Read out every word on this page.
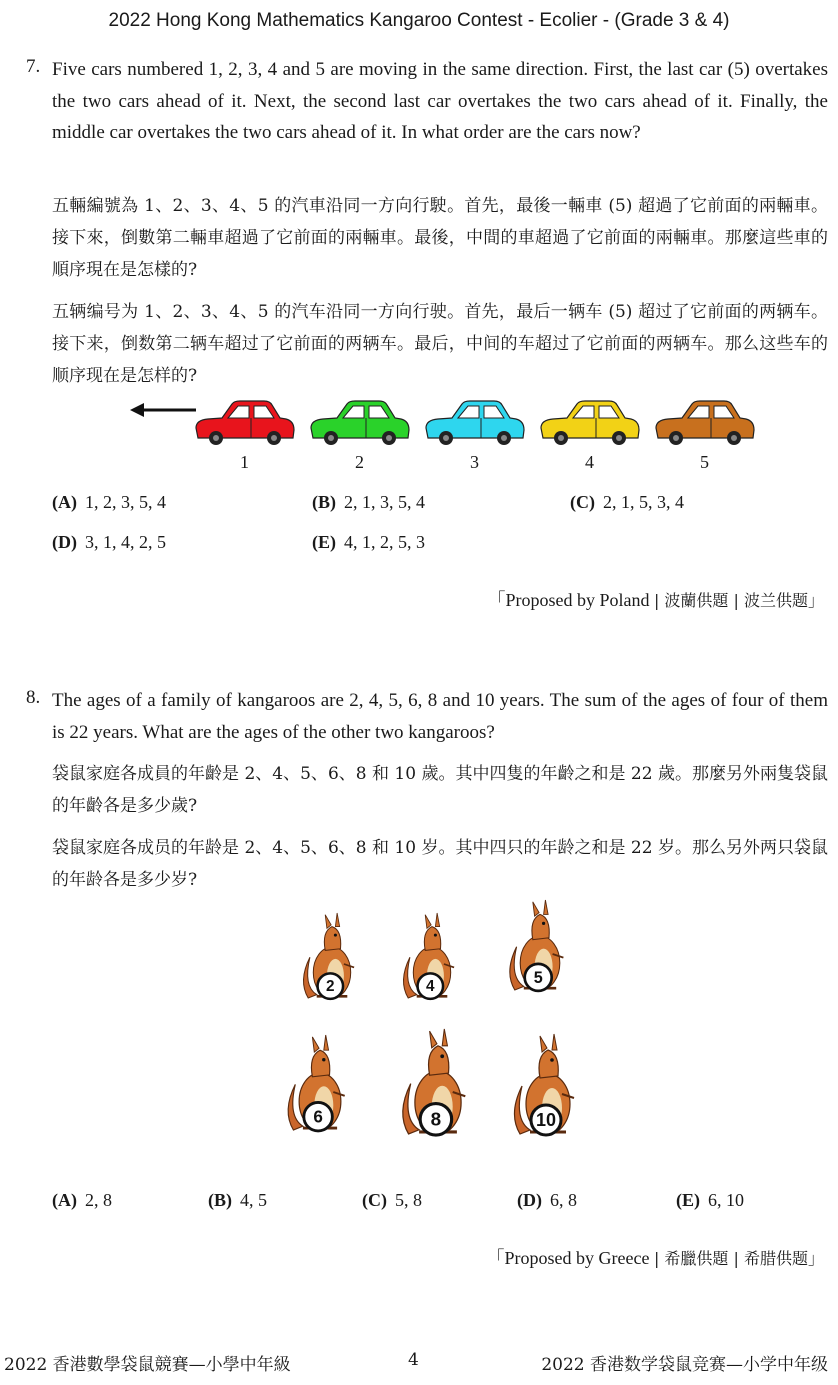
2022 Hong Kong Mathematics Kangaroo Contest - Ecolier - (Grade 3 & 4)
7. Five cars numbered 1, 2, 3, 4 and 5 are moving in the same direction. First, the last car (5) overtakes the two cars ahead of it. Next, the second last car overtakes the two cars ahead of it. Finally, the middle car overtakes the two cars ahead of it. In what order are the cars now?
五輛編號為 1、2、3、4、5 的汽車沿同一方向行駛。首先，最後一輛車 (5) 超過了它前面的兩輛車。接下來，倒數第二輛車超過了它前面的兩輛車。最後，中間的車超過了它前面的兩輛車。那麼這些車的順序現在是怎樣的?
五辆编号为 1、2、3、4、5 的汽车沿同一方向行驶。首先，最后一辆车 (5) 超过了它前面的两辆车。接下来，倒数第二辆车超过了它前面的两辆车。最后，中间的车超过了它前面的两辆车。那么这些车的顺序现在是怎样的?
1	2	3	4	5
(A) 1, 2, 3, 5, 4	(B) 2, 1, 3, 5, 4	(C) 2, 1, 5, 3, 4
(D) 3, 1, 4, 2, 5	(E) 4, 1, 2, 5, 3
「Proposed by Poland | 波蘭供題 | 波兰供题」
8. The ages of a family of kangaroos are 2, 4, 5, 6, 8 and 10 years. The sum of the ages of four of them is 22 years. What are the ages of the other two kangaroos?
袋鼠家庭各成員的年齡是 2、4、5、6、8 和 10 歲。其中四隻的年齡之和是 22 歲。那麼另外兩隻袋鼠的年齡各是多少歲?
袋鼠家庭各成员的年龄是 2、4、5、6、8 和 10 岁。其中四只的年龄之和是 22 岁。那么另外两只袋鼠的年龄各是多少岁?
2	4	5
6	8	10
(A) 2, 8	(B) 4, 5	(C) 5, 8	(D) 6, 8	(E) 6, 10
「Proposed by Greece | 希臘供題 | 希腊供题」
2022 香港數學袋鼠競賽—小學中年級	4	2022 香港数学袋鼠竞赛—小学中年级
